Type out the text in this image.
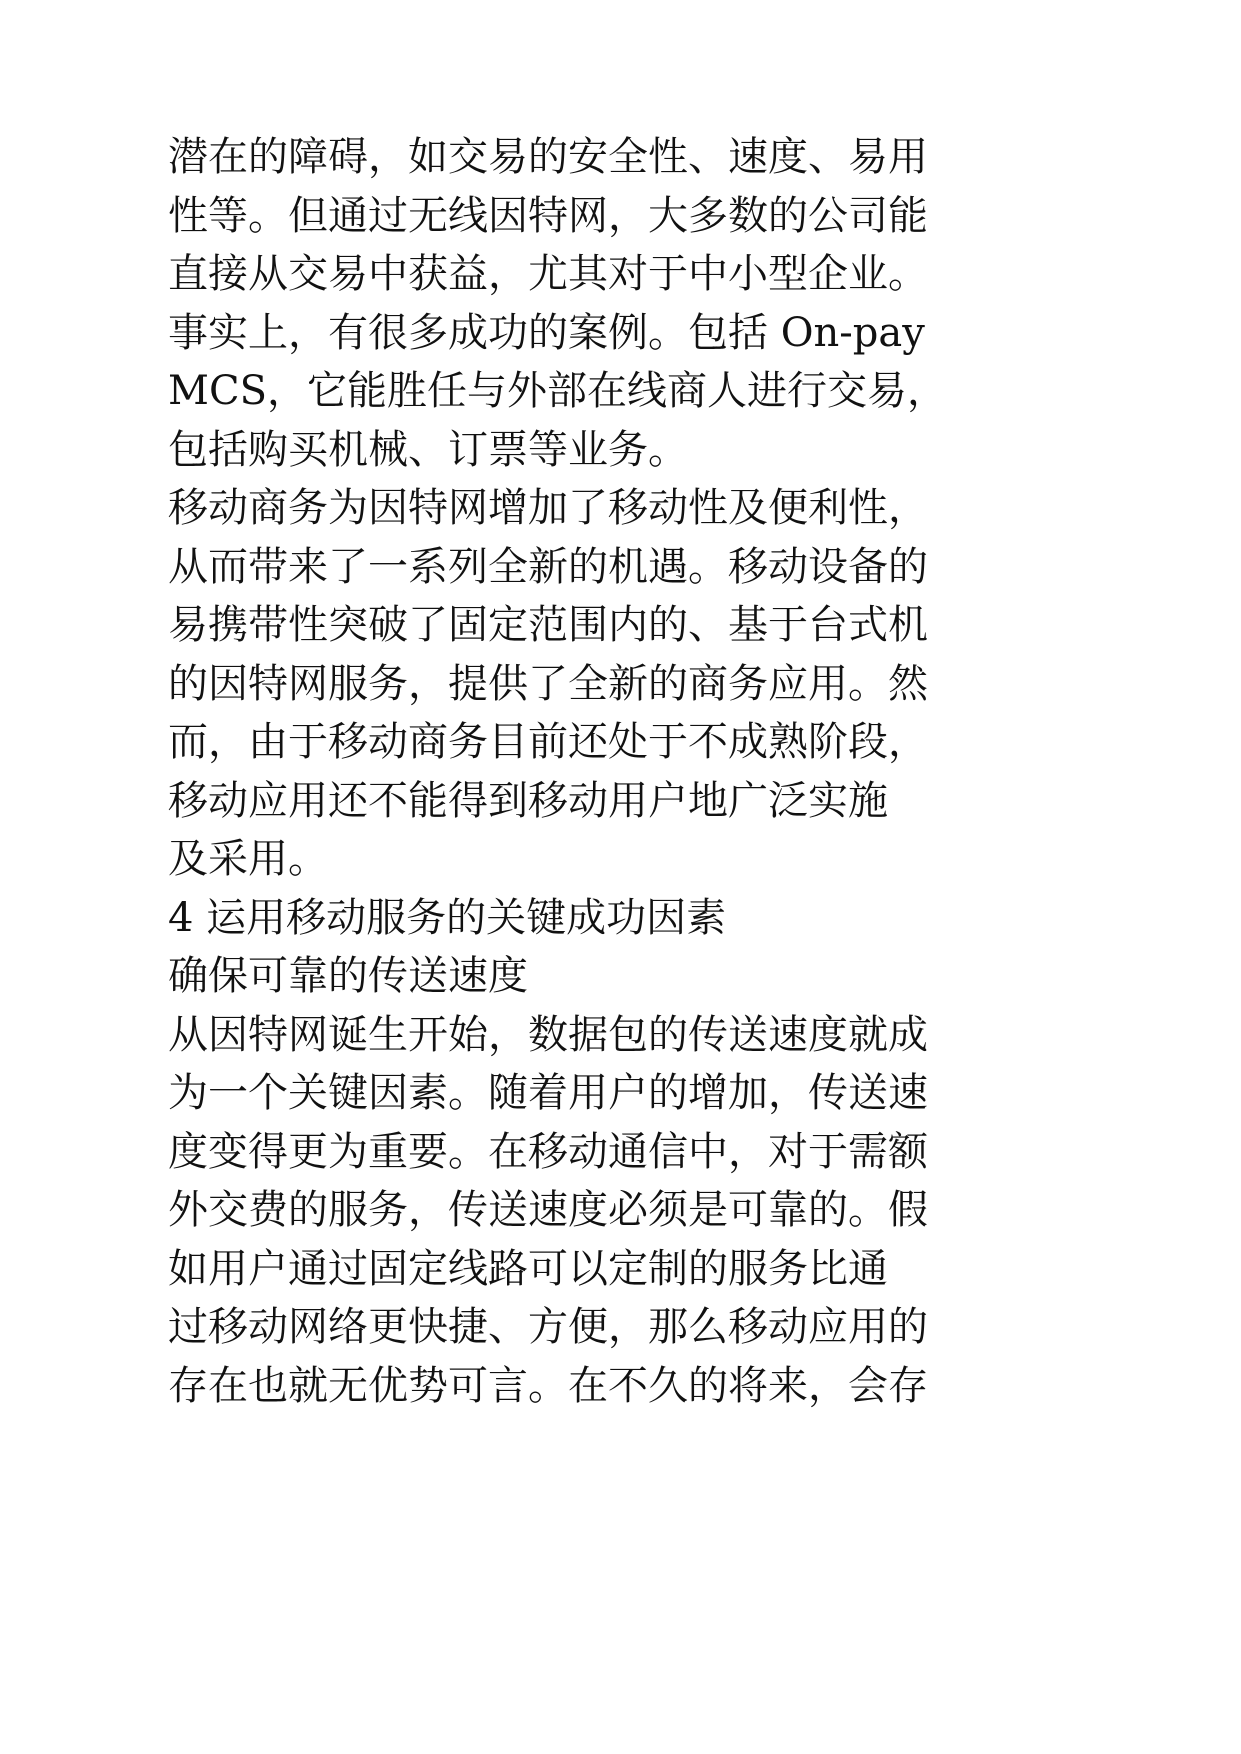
潜在的障碍，如交易的安全性、速度、易用
性等。但通过无线因特网，大多数的公司能
直接从交易中获益，尤其对于中小型企业。
事实上，有很多成功的案例。包括 On-pay
MCS，它能胜任与外部在线商人进行交易，
包括购买机械、订票等业务。
移动商务为因特网增加了移动性及便利性，
从而带来了一系列全新的机遇。移动设备的
易携带性突破了固定范围内的、基于台式机
的因特网服务，提供了全新的商务应用。然
而，由于移动商务目前还处于不成熟阶段，
移动应用还不能得到移动用户地广泛实施
及采用。
4 运用移动服务的关键成功因素
确保可靠的传送速度
从因特网诞生开始，数据包的传送速度就成
为一个关键因素。随着用户的增加，传送速
度变得更为重要。在移动通信中，对于需额
外交费的服务，传送速度必须是可靠的。假
如用户通过固定线路可以定制的服务比通
过移动网络更快捷、方便，那么移动应用的
存在也就无优势可言。在不久的将来，会存
